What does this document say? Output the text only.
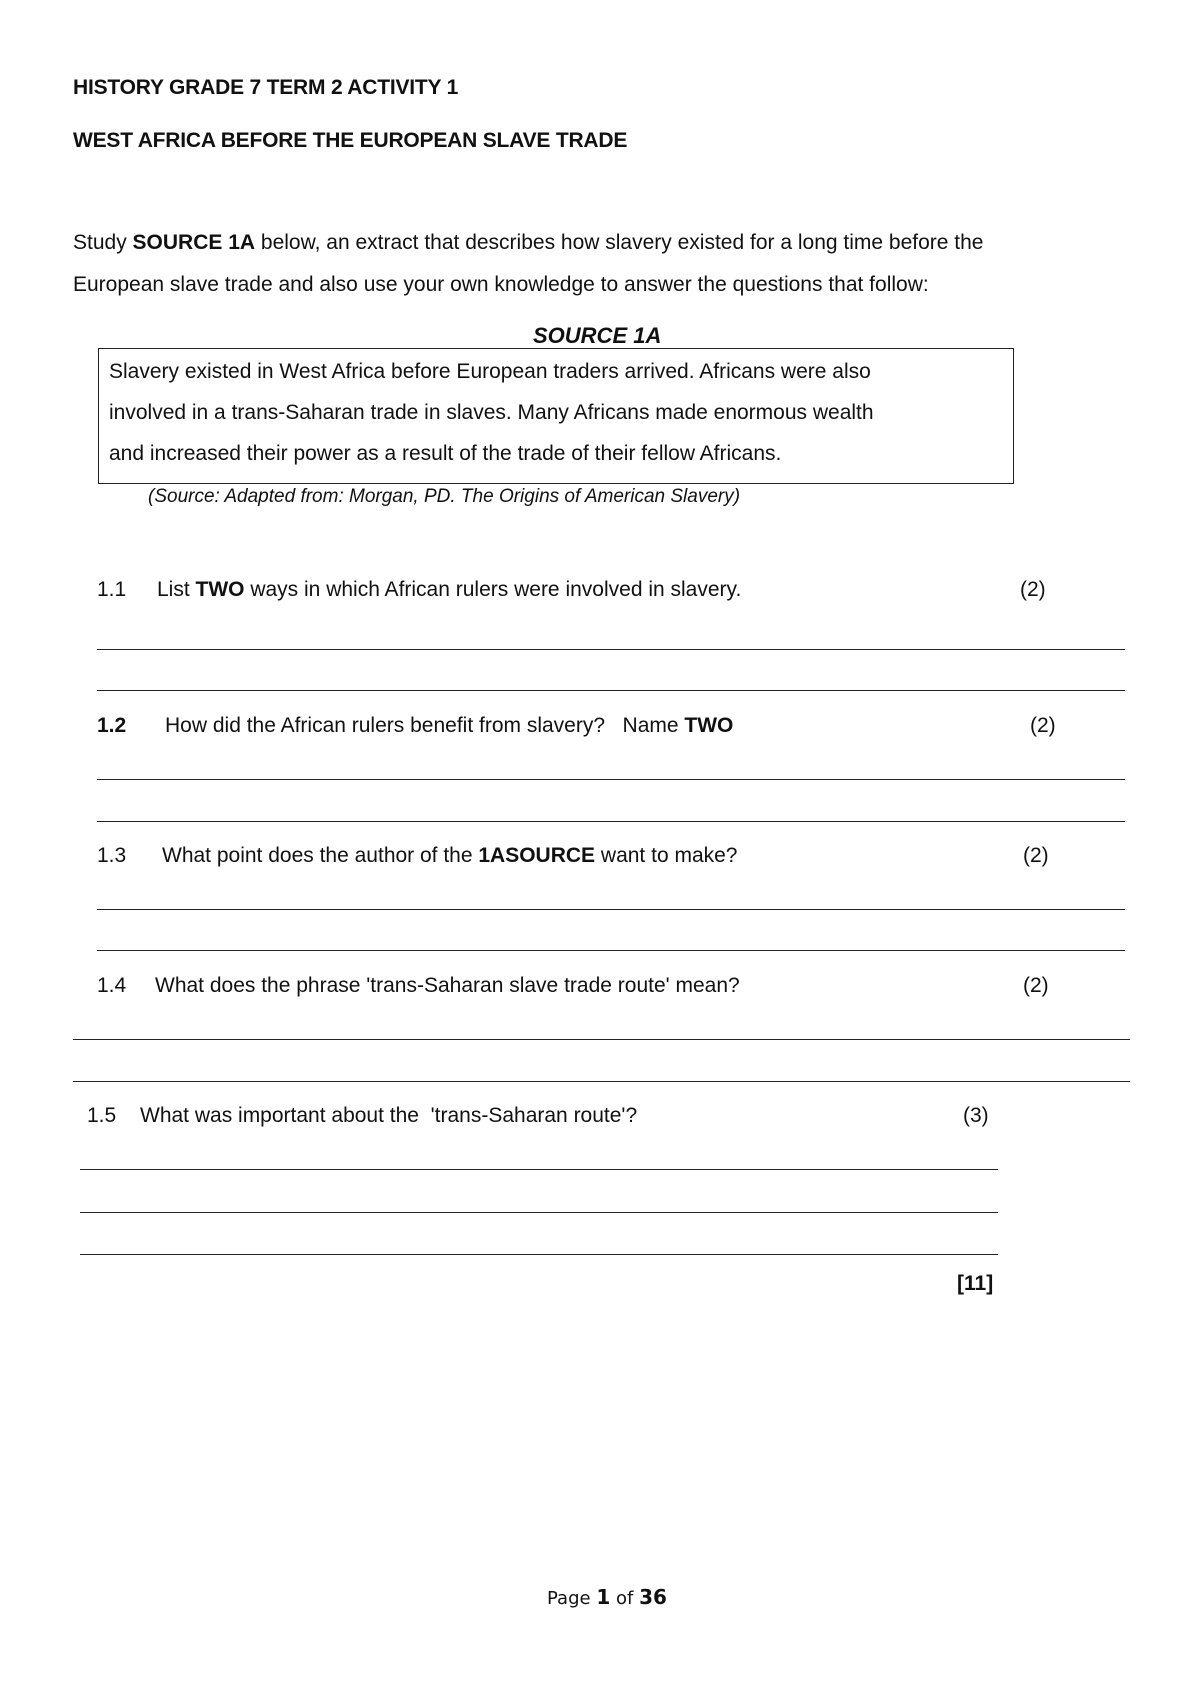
HISTORY GRADE 7 TERM 2 ACTIVITY 1
WEST AFRICA BEFORE THE EUROPEAN SLAVE TRADE
Study SOURCE 1A below, an extract that describes how slavery existed for a long time before the
European slave trade and also use your own knowledge to answer the questions that follow:
SOURCE 1A
Slavery existed in West Africa before European traders arrived. Africans were also
involved in a trans-Saharan trade in slaves. Many Africans made enormous wealth
and increased their power as a result of the trade of their fellow Africans.
(Source: Adapted from: Morgan, PD. The Origins of American Slavery)
1.1 List TWO ways in which African rulers were involved in slavery.	(2)
1.2 How did the African rulers benefit from slavery?   Name TWO	(2)
1.3 What point does the author of the 1ASOURCE want to make?	(2)
1.4 What does the phrase 'trans-Saharan slave trade route' mean?	(2)
1.5 What was important about the  'trans-Saharan route'?	(3)
[11]
Page 1 of 36
